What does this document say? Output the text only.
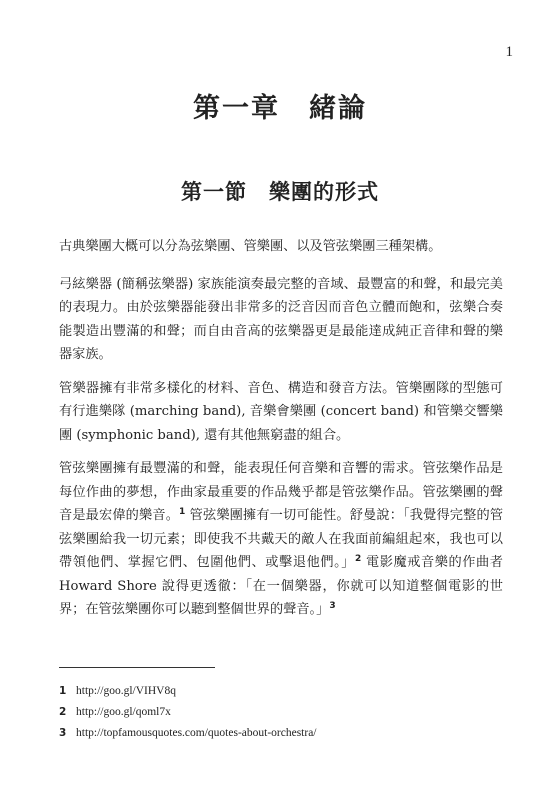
1
第一章　緒論
第一節　樂團的形式

古典樂團大概可以分為弦樂團、管樂團、以及管弦樂團三種架構。

弓絃樂器 (簡稱弦樂器) 家族能演奏最完整的音域、最豐富的和聲，和最完美的表現力。由於弦樂器能發出非常多的泛音因而音色立體而飽和，弦樂合奏能製造出豐滿的和聲；而自由音高的弦樂器更是最能達成純正音律和聲的樂器家族。

管樂器擁有非常多樣化的材料、音色、構造和發音方法。管樂團隊的型態可有行進樂隊 (marching band), 音樂會樂團 (concert band) 和管樂交響樂團 (symphonic band), 還有其他無窮盡的組合。

管弦樂團擁有最豐滿的和聲，能表現任何音樂和音響的需求。管弦樂作品是每位作曲的夢想，作曲家最重要的作品幾乎都是管弦樂作品。管弦樂團的聲音是最宏偉的樂音。$^1$ 管弦樂團擁有一切可能性。舒曼說：「我覺得完整的管弦樂團給我一切元素；即使我不共戴天的敵人在我面前編組起來，我也可以帶領他們、掌握它們、包圍他們、或擊退他們。」$^2$ 電影魔戒音樂的作曲者 Howard Shore 說得更透徹：「在一個樂器，你就可以知道整個電影的世界；在管弦樂團你可以聽到整個世界的聲音。」$^3$

1 http://goo.gl/VIHV8q
2 http://goo.gl/qoml7x
3 http://topfamousquotes.com/quotes-about-orchestra/
